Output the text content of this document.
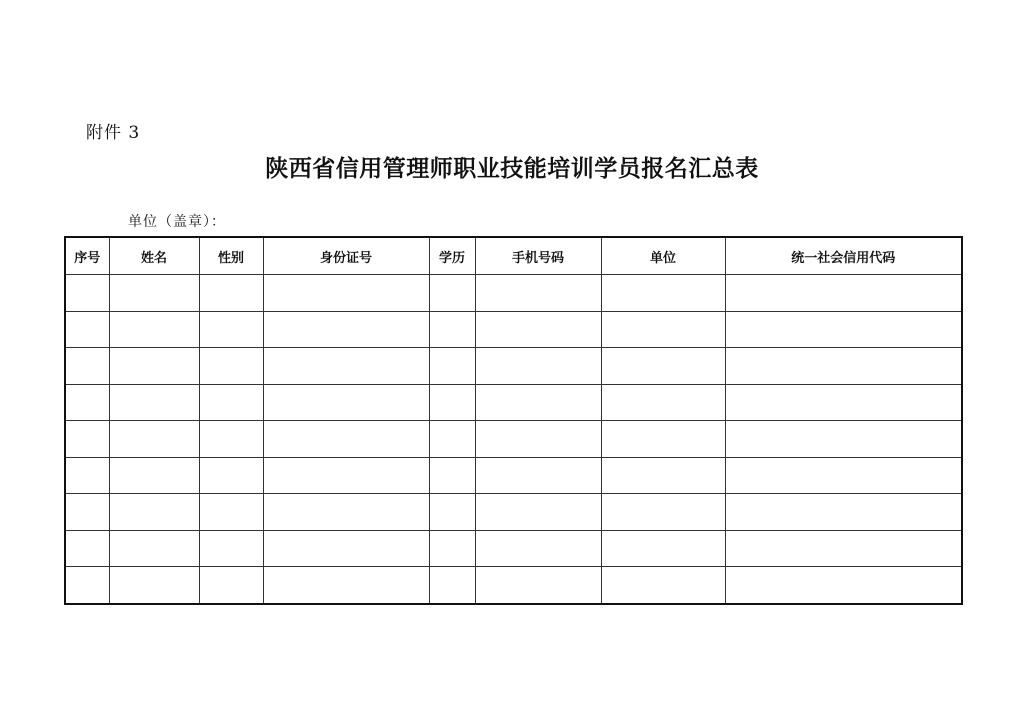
附件 3
陕西省信用管理师职业技能培训学员报名汇总表
单位（盖章）：
序号	姓名	性别	身份证号	学历	手机号码	单位	统一社会信用代码
